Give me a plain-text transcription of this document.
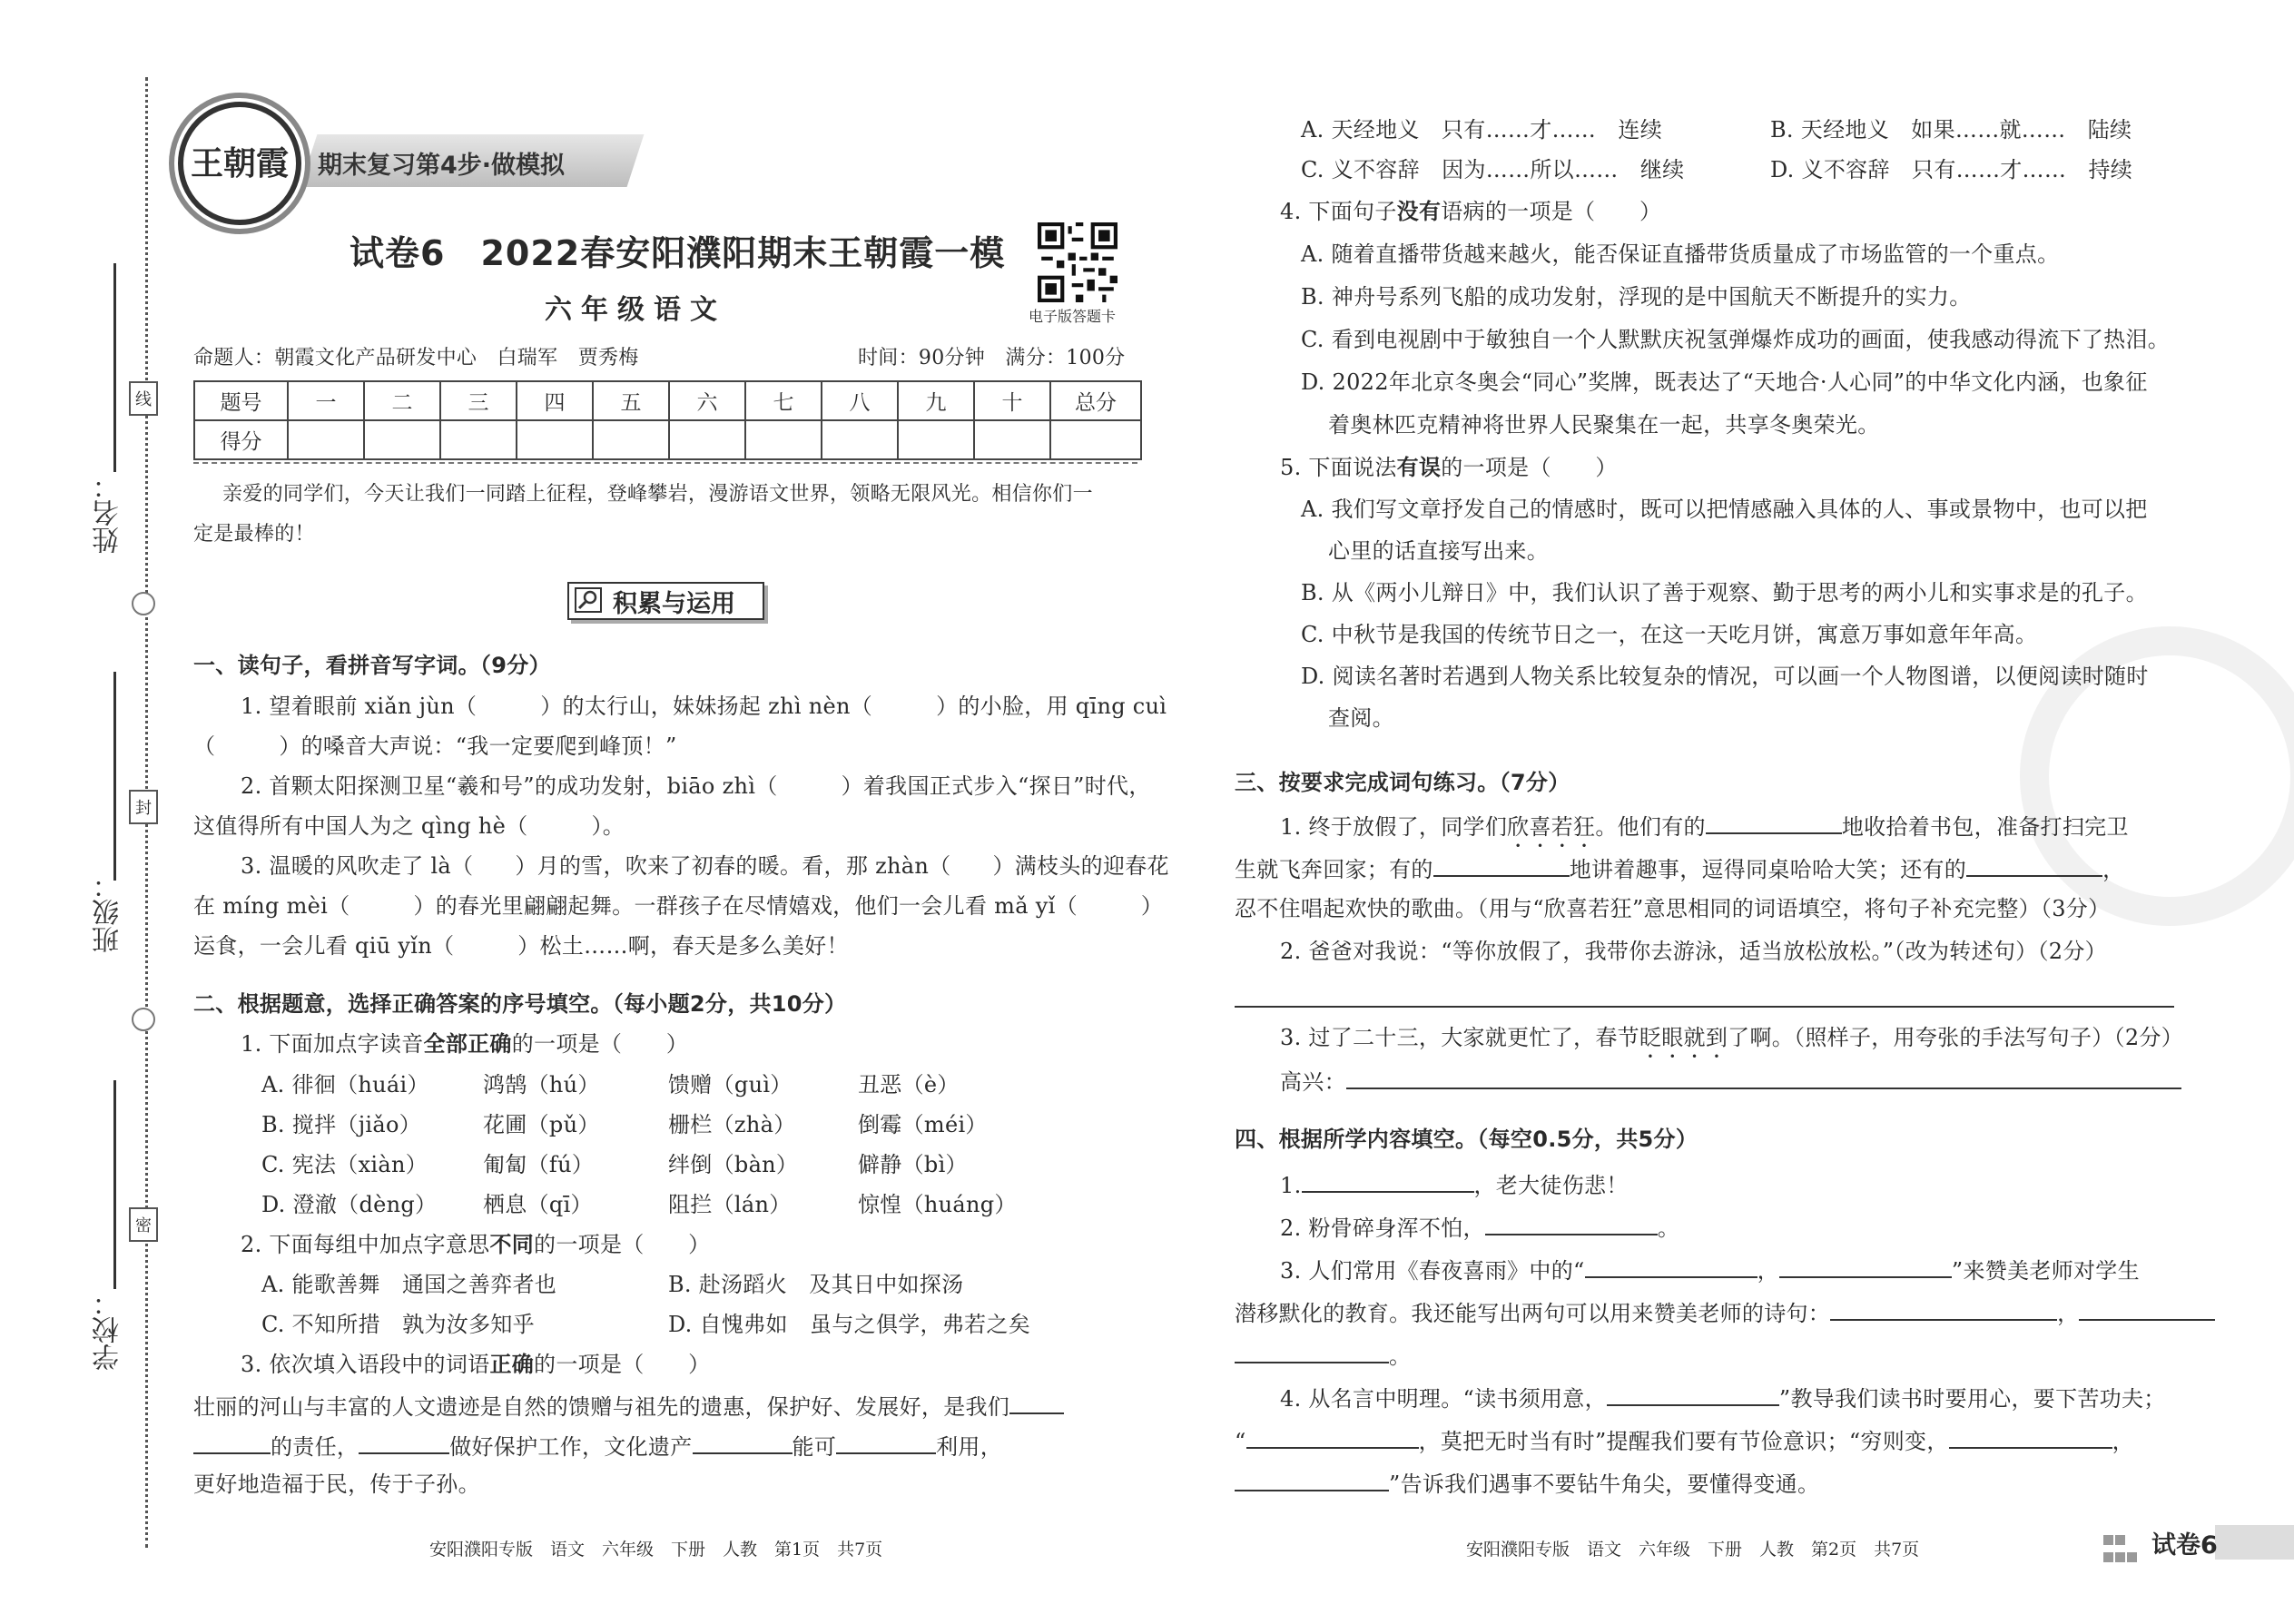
姓名：
班级：
学校：
线
封
密
期末复习第4步·做模拟
王朝霞
试卷6　2022春安阳濮阳期末王朝霞一模
六年级语文	电子版答题卡
命题人：朝霞文化产品研发中心　白瑞军　贾秀梅	时间：90分钟　满分：100分
题号	一	二	三	四	五	六	七	八	九	十	总分
得分											
亲爱的同学们，今天让我们一同踏上征程，登峰攀岩，漫游语文世界，领略无限风光。相信你们一
定是最棒的！
积累与运用
一、读句子，看拼音写字词。（9分）
1. 望着眼前 xiǎn jùn（	）的太行山，妹妹扬起 zhì nèn（	）的小脸，用 qīng cuì
（	）的嗓音大声说：“我一定要爬到峰顶！”
2. 首颗太阳探测卫星“羲和号”的成功发射，biāo zhì（	）着我国正式步入“探日”时代，
这值得所有中国人为之 qìng hè（	）。
3. 温暖的风吹走了 là（ ）月的雪，吹来了初春的暖。看，那 zhàn（ ）满枝头的迎春花
在 míng mèi（	）的春光里翩翩起舞。一群孩子在尽情嬉戏，他们一会儿看 mǎ yǐ（	）
运食，一会儿看 qiū yǐn（	）松土……啊，春天是多么美好！
二、根据题意，选择正确答案的序号填空。（每小题2分，共10分）
1. 下面加点字读音全部正确的一项是（　　）
A. 徘徊（huái） 鸿鹄（hú）	馈赠（guì）	丑恶（è）
B. 搅拌（jiǎo）	花圃（pǔ）	栅栏（zhà）	倒霉（méi）
C. 宪法（xiàn）	匍匐（fú）	绊倒（bàn）	僻静（bì）
D. 澄澈（dèng） 栖息（qī）	阻拦（lán）	惊惶（huáng）
2. 下面每组中加点字意思不同的一项是（　　）
A. 能歌善舞　通国之善弈者也	B. 赴汤蹈火　及其日中如探汤
C. 不知所措　孰为汝多知乎	D. 自愧弗如　虽与之俱学，弗若之矣
3. 依次填入语段中的词语正确的一项是（　　）
壮丽的河山与丰富的人文遗迹是自然的馈赠与祖先的遗惠，保护好、发展好，是我们
的责任，	做好保护工作，文化遗产	能可	利用，
更好地造福于民，传于子孙。
安阳濮阳专版　语文　六年级　下册　人教　第1页　共7页
A. 天经地义　只有……才……　连续	B. 天经地义　如果……就……　陆续
C. 义不容辞　因为……所以……　继续	D. 义不容辞　只有……才……　持续
4. 下面句子没有语病的一项是（　　）
A. 随着直播带货越来越火，能否保证直播带货质量成了市场监管的一个重点。
B. 神舟号系列飞船的成功发射，浮现的是中国航天不断提升的实力。
C. 看到电视剧中于敏独自一个人默默庆祝氢弹爆炸成功的画面，使我感动得流下了热泪。
D. 2022年北京冬奥会“同心”奖牌，既表达了“天地合·人心同”的中华文化内涵，也象征
着奥林匹克精神将世界人民聚集在一起，共享冬奥荣光。
5. 下面说法有误的一项是（　　）
A. 我们写文章抒发自己的情感时，既可以把情感融入具体的人、事或景物中，也可以把
心里的话直接写出来。
B. 从《两小儿辩日》中，我们认识了善于观察、勤于思考的两小儿和实事求是的孔子。
C. 中秋节是我国的传统节日之一，在这一天吃月饼，寓意万事如意年年高。
D. 阅读名著时若遇到人物关系比较复杂的情况，可以画一个人物图谱，以便阅读时随时
查阅。
三、按要求完成词句练习。（7分）
1. 终于放假了，同学们欣喜若狂。他们有的	地收拾着书包，准备打扫完卫
生就飞奔回家；有的	地讲着趣事，逗得同桌哈哈大笑；还有的	，
忍不住唱起欢快的歌曲。（用与“欣喜若狂”意思相同的词语填空，将句子补充完整）（3分）
2. 爸爸对我说：“等你放假了，我带你去游泳，适当放松放松。”（改为转述句）（2分）
3. 过了二十三，大家就更忙了，春节眨眼就到了啊。（照样子，用夸张的手法写句子）（2分）
高兴：
四、根据所学内容填空。（每空0.5分，共5分）
1.	，老大徒伤悲！
2. 粉骨碎身浑不怕，	。
3. 人们常用《春夜喜雨》中的“	，	”来赞美老师对学生
潜移默化的教育。我还能写出两句可以用来赞美老师的诗句：	，
。
4. 从名言中明理。“读书须用意，	”教导我们读书时要用心，要下苦功夫；
“	，莫把无时当有时”提醒我们要有节俭意识；“穷则变，	，
”告诉我们遇事不要钻牛角尖，要懂得变通。
安阳濮阳专版　语文　六年级　下册　人教　第2页　共7页	试卷6
